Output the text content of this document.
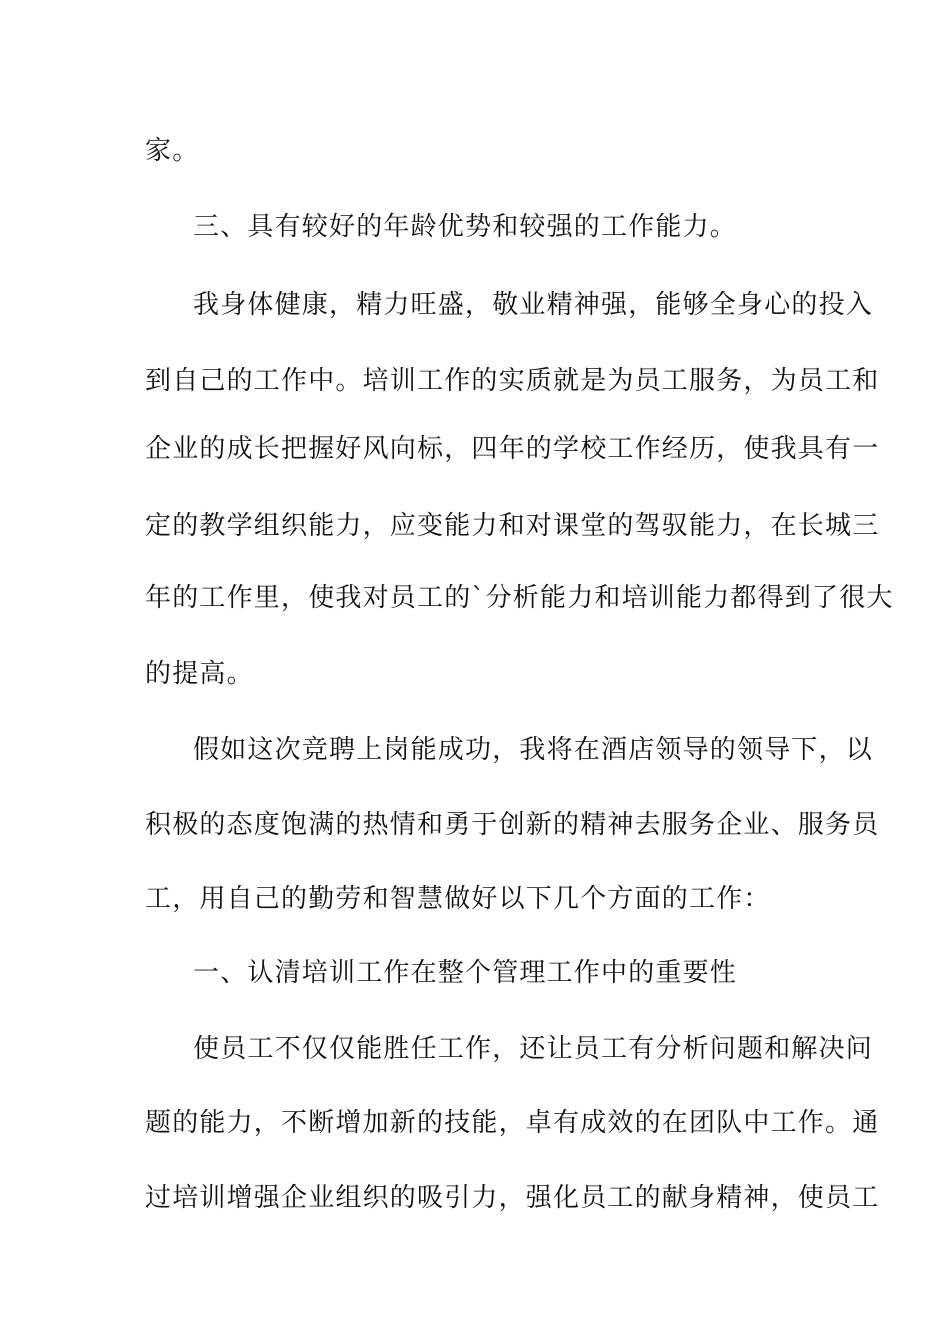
家。
三、具有较好的年龄优势和较强的工作能力。
我身体健康，精力旺盛，敬业精神强，能够全身心的投入
到自己的工作中。培训工作的实质就是为员工服务，为员工和
企业的成长把握好风向标，四年的学校工作经历，使我具有一
定的教学组织能力，应变能力和对课堂的驾驭能力，在长城三
年的工作里，使我对员工的`分析能力和培训能力都得到了很大
的提高。
假如这次竞聘上岗能成功，我将在酒店领导的领导下，以
积极的态度饱满的热情和勇于创新的精神去服务企业、服务员
工，用自己的勤劳和智慧做好以下几个方面的工作：
一、认清培训工作在整个管理工作中的重要性
使员工不仅仅能胜任工作，还让员工有分析问题和解决问
题的能力，不断增加新的技能，卓有成效的在团队中工作。通
过培训增强企业组织的吸引力，强化员工的献身精神，使员工
